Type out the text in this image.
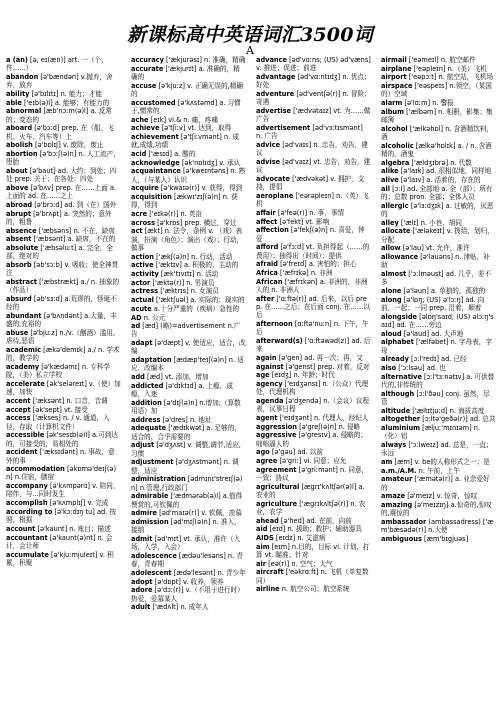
新课标高中英语词汇3500词
A
a (an) [ə, eɪ(æn)] art. 一（个、件……）
abandon [ə'bændən] v.抛弃，舍弃，放弃
ability [ə'bɪlɪtɪ] n. 能力；才能
able ['eɪb(ə)l] a. 能够；有能力的
abnormal [æb'nɔːm(ə)l] a. 反常的；变态的
aboard [ə'bɔːd] prep. 在（船、飞机、火车、汽车等）上
abolish [ə'bɒlɪʃ] v. 废除，废止
abortion [ə'bɔːʃ(ə)n] n. 人工流产，堕胎
about [ə'baut] ad. 大约；到处；四处 prep. 关于；在各处；四处
above [ə'bʌv] prep. 在……上面 a. 上面的 ad. 在……之上
abroad [ə'brɔːd] ad. 到（在）国外
abrupt [ə'brʌpt] a. 突然的；意外的，粗鲁
absence ['æbsəns] n. 不在，缺席
absent ['æbsənt] a. 缺席，不在的
absolute ['æbsəluːt] a. 完全，全部，绝对的
absorb [əb'sɔːb] v. 吸收；使全神贯注
abstract ['æbstrækt] a./ n. 抽象的（作品）
absurd [əb'sɜːd] a.荒谬的，怪诞不经的
abundant [ə'bʌndənt] a.大量，丰盛的,充裕的
abuse [ə'bjuːz] n./v.（酗酒）滥用,虐待,恶语
academic [ækə'demɪk] a./ n. 学术的，教学的
academy [ə'kædəmɪ] n. 专科学院，（美）私立学校
accelerate [ək'seləreɪt] v.（使）加速，加快
accent ['æksənt] n. 口音，音调
accept [ək'sept] vt. 接受
access ['ækses] n. / v. 通道，入径，存取（计算机文件）
accessible [ək'sesɪb(ə)l] a.可到达的，可接受的，易相处的
accident ['æksɪdənt] n. 事故，意外的事
accommodation [əkɒmə'deɪʃ(ə)n] n.住宿，膳宿
accompany [ə'kʌmpənɪ] v. 陪同，陪伴，与...同时发生
accomplish [ə'kʌmplɪʃ] v. 完成
according to [ə'kɔːdɪŋ tu] ad. 按照，根据
account [ə'kaunt] n. 账目；描述
accountant [ə'kaunt(ə)nt] n. 会计，会计师
accumulate [ə'kjuːmjuleɪt] v. 积累，积聚
accuracy ['ækjurəsɪ] n. 准确，精确
accurate ['ækjurɪt] a. 准确的，精确的
accuse [ə'kjuːz] v. 正确无误的,精确的
accustomed [ə'kʌstəmd] a. 习惯于,惯常的
ache [eɪk] vi.& n. 痛，疼痛
achieve [ə'tʃiːv] vt. 达到，取得
achievement [ə'tʃiːvmənt] n. 成就,成绩,功绩
acid ['æsɪd] a. 酸的
acknowledge [ək'nɒlɪdʒ] v. 承认
acquaintance [ə'kweɪntəns] n. 熟人，（与某人）认识
acquire [ə'kwaɪə(r)] v. 获得，得到
acquisition [ækwɪ'zɪʃ(ə)n] n. 获得，得到
acre ['eɪkə(r)] n. 英亩
across [ə'krɒs] prep. 横过，穿过
act [ækt] n. 法令，条例 v. （戏）表演，扮演（角色）；演出（戏）；行动，做事
action ['ækʃ(ə)n] n. 行动，活动
active ['æktɪv] a. 积极的，主动的
activity [æk'tɪvɪtɪ] n. 活动
actor ['æktə(r)] n. 男演员
actress ['æktrɪs] n. 女演员
actual ['æktʃuəl] a. 实际的；现实的
acute a.十分严重的（疾病）急性的
AD n. 公元
ad [æd] (略)=advertisement n.广告
adapt [ə'dæpt] v. 使适应，适合，改编
adaptation [ædæp'teɪʃ(ə)n] n. 适应，改编本
add [æd] vt. 添加，增加
addicted [ə'dɪktɪd] a. 上瘾，成瘾，入迷
addition [ə'dɪʃ(ə)n] n.增加;（算数用语）加
address [ə'dres] n. 地址
adequate ['ædɪkwət] a. 足够的，适合的，合乎需要的
adjust [ə'dʒʌst] v. 调整,调节,适应,习惯
adjustment [ə'dʒʌstmənt] n. 调整，适应
administration [ədmɪnɪ'streɪʃ(ə)n] n.管理,行政部门
admirable ['ædmərəb(ə)l] a.值得赞赏的,可钦佩的
admire [əd'maɪə(r)] v. 钦佩，羡慕
admission [əd'mɪʃ(ə)n] n. 准入，接纳
admit [əd'mɪt] vt. 承认，准许（入场，入学，入会）
adolescence [ædəu'lesəns] n. 青春，青春期
adolescent [ædə'lesənt] n. 青少年
adopt [ə'dɒpt] v. 收养，领养
adore [ə'dɔː(r)] v.（不用于进行时）热爱，爱慕某人
adult ['ædʌlt] n. 成年人
advance [əd'vɑːns; (US) əd'væns] v. 推进；促进；前进
advantage [əd'vɑːntɪdʒ] n. 优点；好处
adventure [əd'ventʃə(r)] n. 冒险；奇遇
advertise ['ædvətaɪz] vt. 为……做广告
advertisement [əd'vɜːtɪsmənt] n. 广告
advice [əd'vaɪs] n. 忠告，劝告，建议
advise [əd'vaɪz] vt. 忠告，劝告，建议
advocate ['ædvəkət] v. 拥护，支持，提倡
aeroplane ['eərəpleɪn] n.（英）飞机
affair [ə'feə(r)] n. 事，事情
affect [ə'fekt] vt. 影响
affection [ə'fekʃ(ə)n] n. 喜爱，钟爱
afford [ə'fɔːd] vt. 负担得起（……的费用）；抽得出（时间）；提供
afraid [ə'freɪd] a. 害怕的；担心
Africa ['æfrɪkə] n. 非洲
African ['æfrɪkən] a. 非洲的，非洲人的 n. 非洲人
after ['ɑːftə(r)] ad. 后来，以后 prep. 在……之后；在后面 conj. 在……以后
afternoon [ɑːftə'nuːn] n. 下午，午后
afterward(s) ['ɑːftəwəd(z)] ad. 后来
again [ə'gen] ad. 再一次；再，又
against [ə'genst] prep. 对着，反对
age [eɪdʒ] n. 年龄；时代
agency ['eɪdʒənsɪ] n.（公众）代理处，代理机构
agenda [ə'dʒendə] n.（会议）议程表，议事日程
agent ['eɪdʒənt] n. 代理人，经纪人
aggression [ə'greʃ(ə)n] n. 侵略
aggressive [ə'gresɪv] a. 侵略的；咄咄逼人的
ago [ə'gəu] ad. 以前
agree [ə'griː] vi. 同意；应允
agreement [ə'griːmənt] n. 同意，一致；协议
agricultural [ægrɪ'kʌltʃər(ə)l] a. 农业的
agriculture ['ægrɪkʌltʃə(r)] n. 农业，农学
ahead [ə'hed] ad. 在前，向前
aid [eɪd] n. 援助；救护；辅助器具
AIDS [eɪdz] n. 艾滋病
aim [eɪm] n.目的，目标 vi. 计划，打算 vt. 瞄准；针对
air [eə(r)] n. 空气；大气
aircraft ['eəkrɑːft] n. 飞机（单复数同）
airline n. 航空公司；航空系统
airmail ['eəmeɪl] n. 航空邮件
airplane ['eəpleɪn] n.（美）飞机
airport ['eəpɔːt] n. 航空站，飞机场
airspace ['eəspeɪs] n.领空，（某国的）空域
alarm [ə'lɑːm] n. 警报
album ['ælbəm] n. 相册，影集；集邮簿
alcohol ['ælkəhɒl] n. 含酒精饮料，酒
alcoholic [ælkə'hɒlɪk] a. / n. 含酒精的，酒鬼
algebra ['ældʒɪbrə] n. 代数
alike [ə'laɪk] ad. 很相似地，同样地
alive [ə'laɪv] a. 活着的，存在的
all [ɔːl] ad. 全部地 a. 全（部）；所有的；总数 pron. 全部；全体人员
allergic [ə'lɜːdʒɪk] a. 过敏的，厌恶的
alley ['ælɪ] n. 小巷，胡同
allocate ['æləkeɪt] v. 拨给，划归，分配
allow [ə'lau] vt. 允许，准许
allowance [ə'lauəns] n. 津贴，补助
almost ['ɔːlməust] ad. 几乎，差不多
alone [ə'ləun] a. 单独的，孤独的
along [ə'lɒŋ; (US) ə'lɔːŋ] ad. 向前，一起；一同 prep. 沿着，顺着
alongside [əlɒŋ'saɪd; (US) əlɔːŋ'saɪd] ad. 在……旁边
aloud [ə'laud] ad. 大声地
alphabet ['ælfəbet] n. 字母表，字母
already [ɔːl'redɪ] ad. 已经
also ['ɔːlsəu] ad. 也
alternative [ɔːl'tɜːnətɪv] a. 可供替代的,非传统的
although [ɔːl'ðəu] conj. 虽然，尽管
altitude ['æltɪtjuːd] n. 海拔高度
altogether [ɔːltə'geðə(r)] ad. 总共
aluminium [æljuː'mɪnɪəm] n.（化）铝
always ['ɔːlweɪz] ad. 总是，一直；永远
am [æm] v. be的人称形式之一；是
a.m./A.M. n. 午前，上午
amateur ['æmətə(r)] a. 业余爱好的
amaze [ə'meɪz] v. 惊奇，惊叹
amazing [ə'meɪzɪŋ] a.惊奇的,惊叹的,震惊的
ambassador (ambassadress) ['æm'bæsədə(r)] n.大使
ambiguous [æm'bɪgjuəs]
